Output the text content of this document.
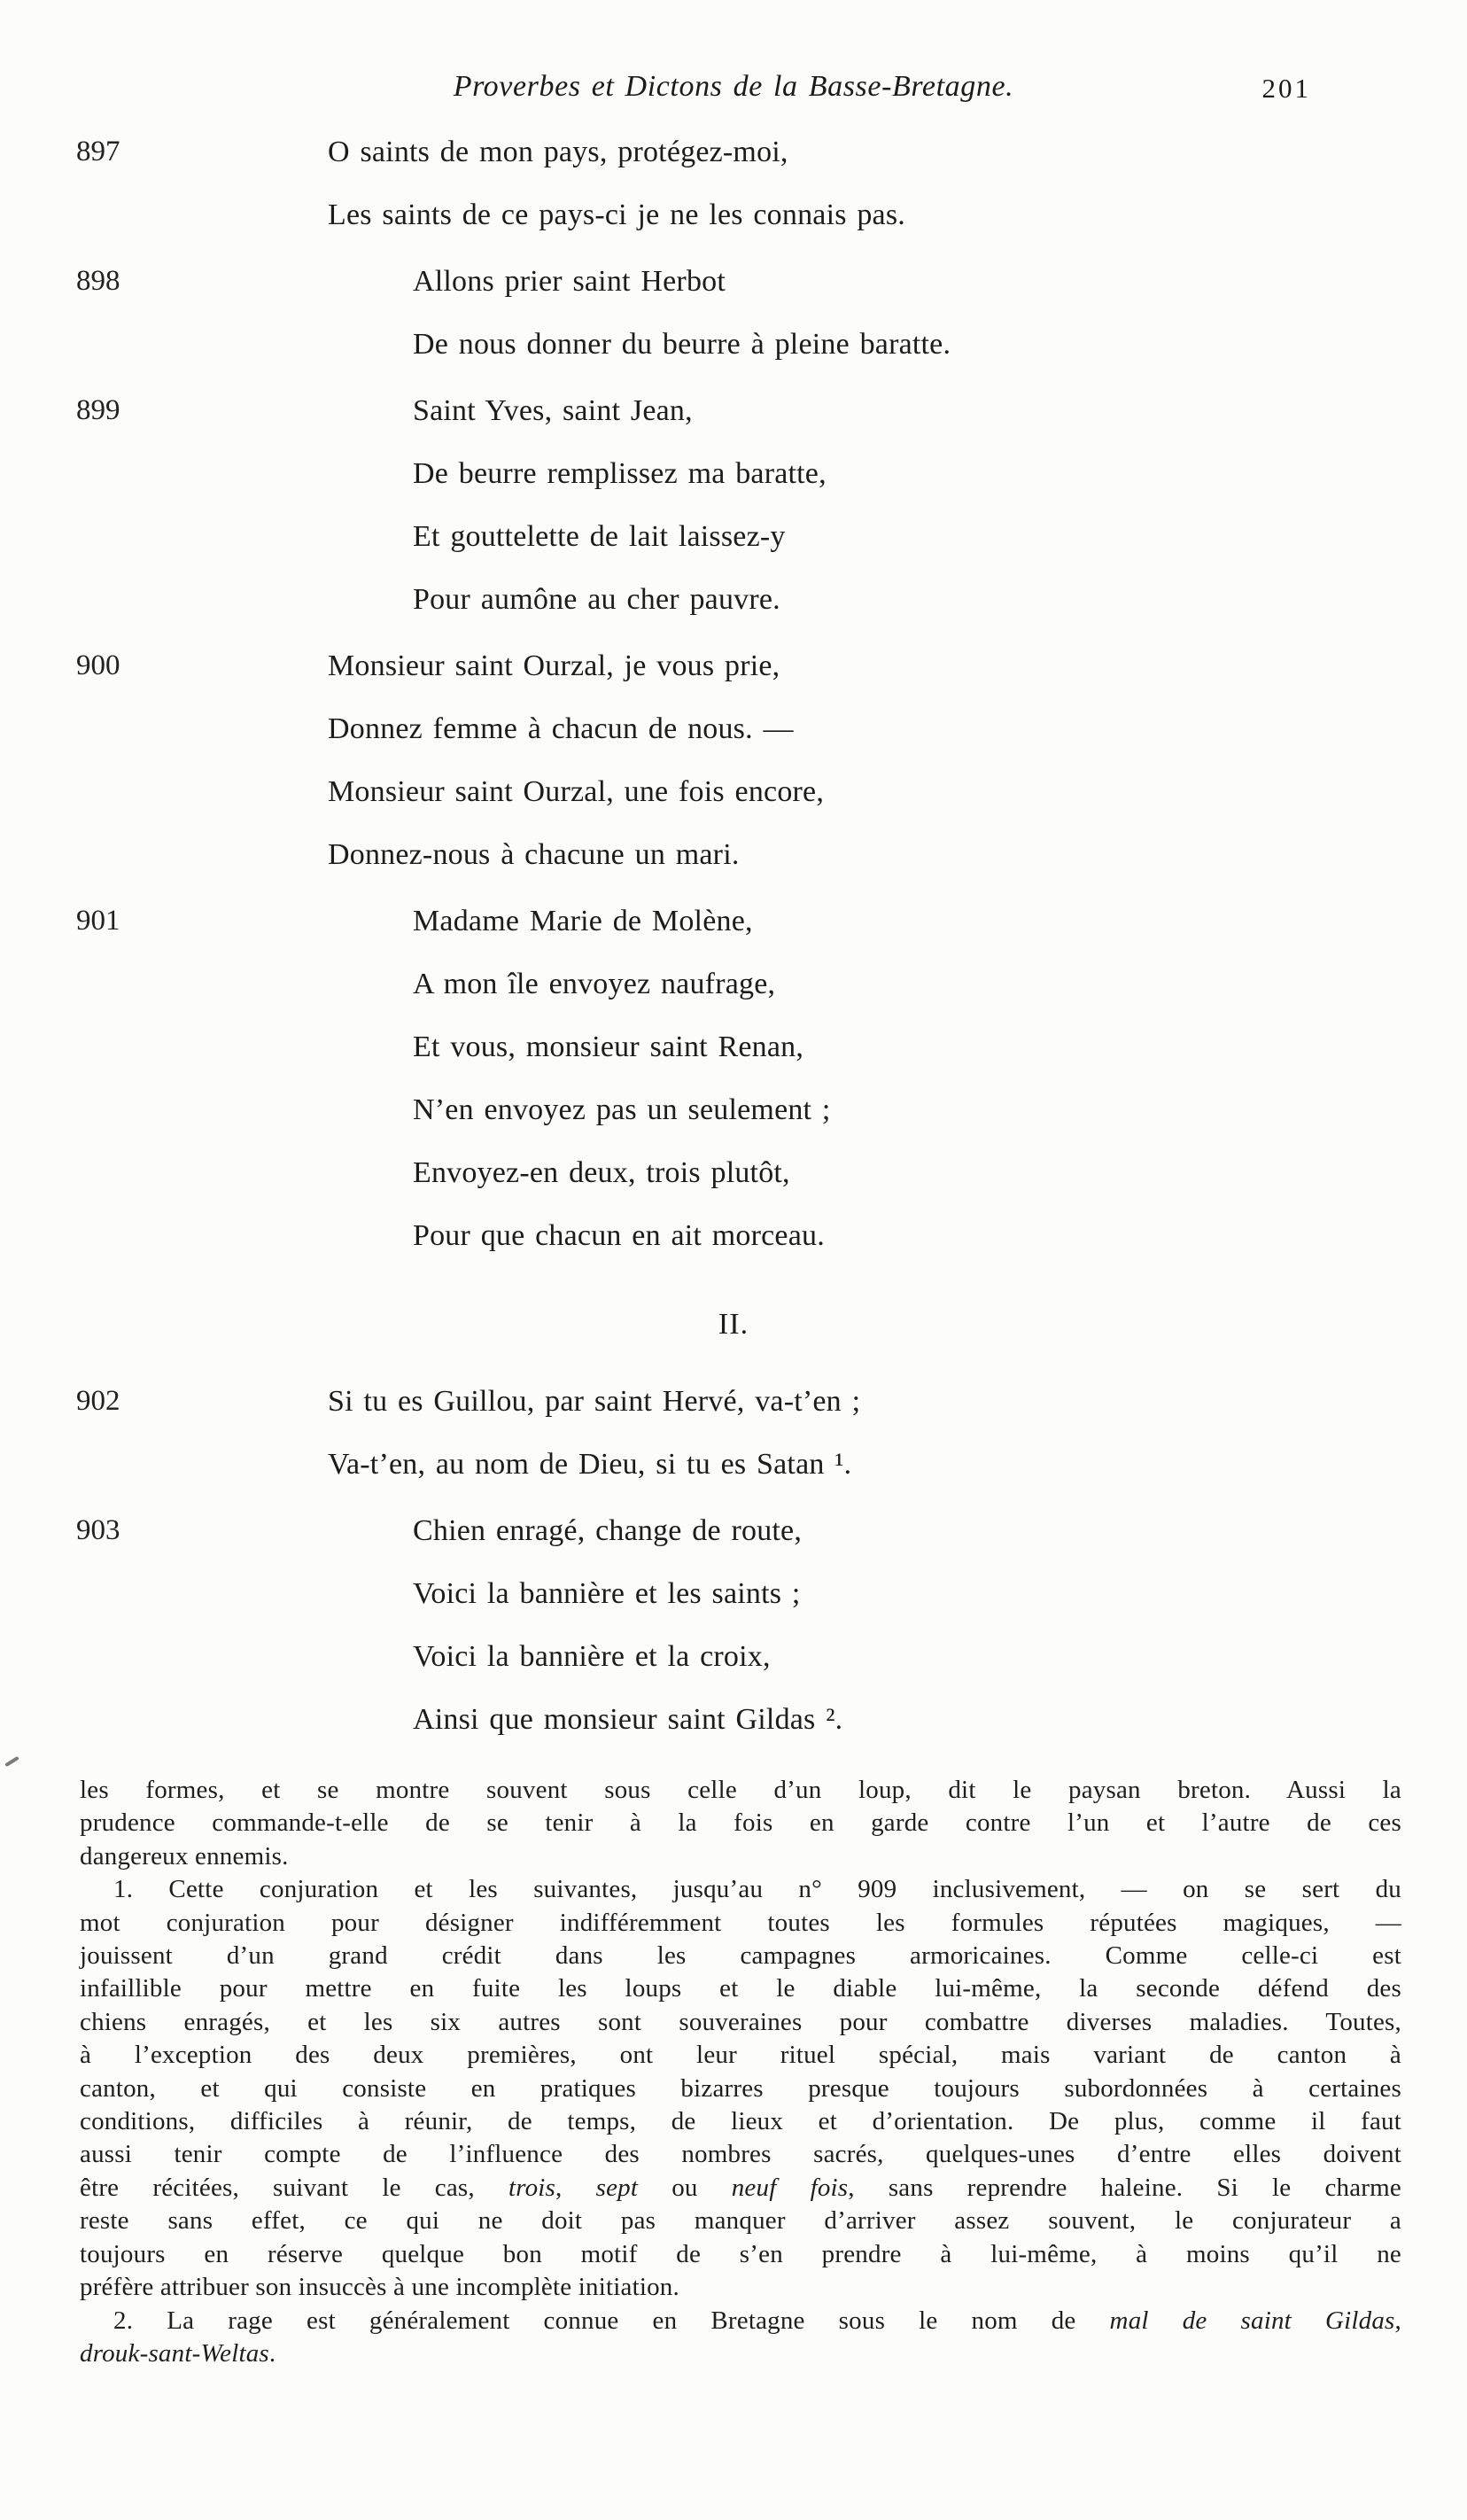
Proverbes et Dictons de la Basse-Bretagne.	201
897	O saints de mon pays, protégez-moi,
Les saints de ce pays-ci je ne les connais pas.
898	Allons prier saint Herbot
De nous donner du beurre à pleine baratte.
899	Saint Yves, saint Jean,
De beurre remplissez ma baratte,
Et gouttelette de lait laissez-y
Pour aumône au cher pauvre.
900	Monsieur saint Ourzal, je vous prie,
Donnez femme à chacun de nous. —
Monsieur saint Ourzal, une fois encore,
Donnez-nous à chacune un mari.
901	Madame Marie de Molène,
A mon île envoyez naufrage,
Et vous, monsieur saint Renan,
N’en envoyez pas un seulement ;
Envoyez-en deux, trois plutôt,
Pour que chacun en ait morceau.
II.
902	Si tu es Guillou, par saint Hervé, va-t’en ;
Va-t’en, au nom de Dieu, si tu es Satan ¹.
903	Chien enragé, change de route,
Voici la bannière et les saints ;
Voici la bannière et la croix,
Ainsi que monsieur saint Gildas ².
les formes, et se montre souvent sous celle d’un loup, dit le paysan breton. Aussi la
prudence commande-t-elle de se tenir à la fois en garde contre l’un et l’autre de ces
dangereux ennemis.
1. Cette conjuration et les suivantes, jusqu’au n° 909 inclusivement, — on se sert du
mot conjuration pour désigner indifféremment toutes les formules réputées magiques, —
jouissent d’un grand crédit dans les campagnes armoricaines. Comme celle-ci est
infaillible pour mettre en fuite les loups et le diable lui-même, la seconde défend des
chiens enragés, et les six autres sont souveraines pour combattre diverses maladies. Toutes,
à l’exception des deux premières, ont leur rituel spécial, mais variant de canton à
canton, et qui consiste en pratiques bizarres presque toujours subordonnées à certaines
conditions, difficiles à réunir, de temps, de lieux et d’orientation. De plus, comme il faut
aussi tenir compte de l’influence des nombres sacrés, quelques-unes d’entre elles doivent
être récitées, suivant le cas, trois, sept ou neuf fois, sans reprendre haleine. Si le charme
reste sans effet, ce qui ne doit pas manquer d’arriver assez souvent, le conjurateur a
toujours en réserve quelque bon motif de s’en prendre à lui-même, à moins qu’il ne
préfère attribuer son insuccès à une incomplète initiation.
2. La rage est généralement connue en Bretagne sous le nom de mal de saint Gildas,
drouk-sant-Weltas.
